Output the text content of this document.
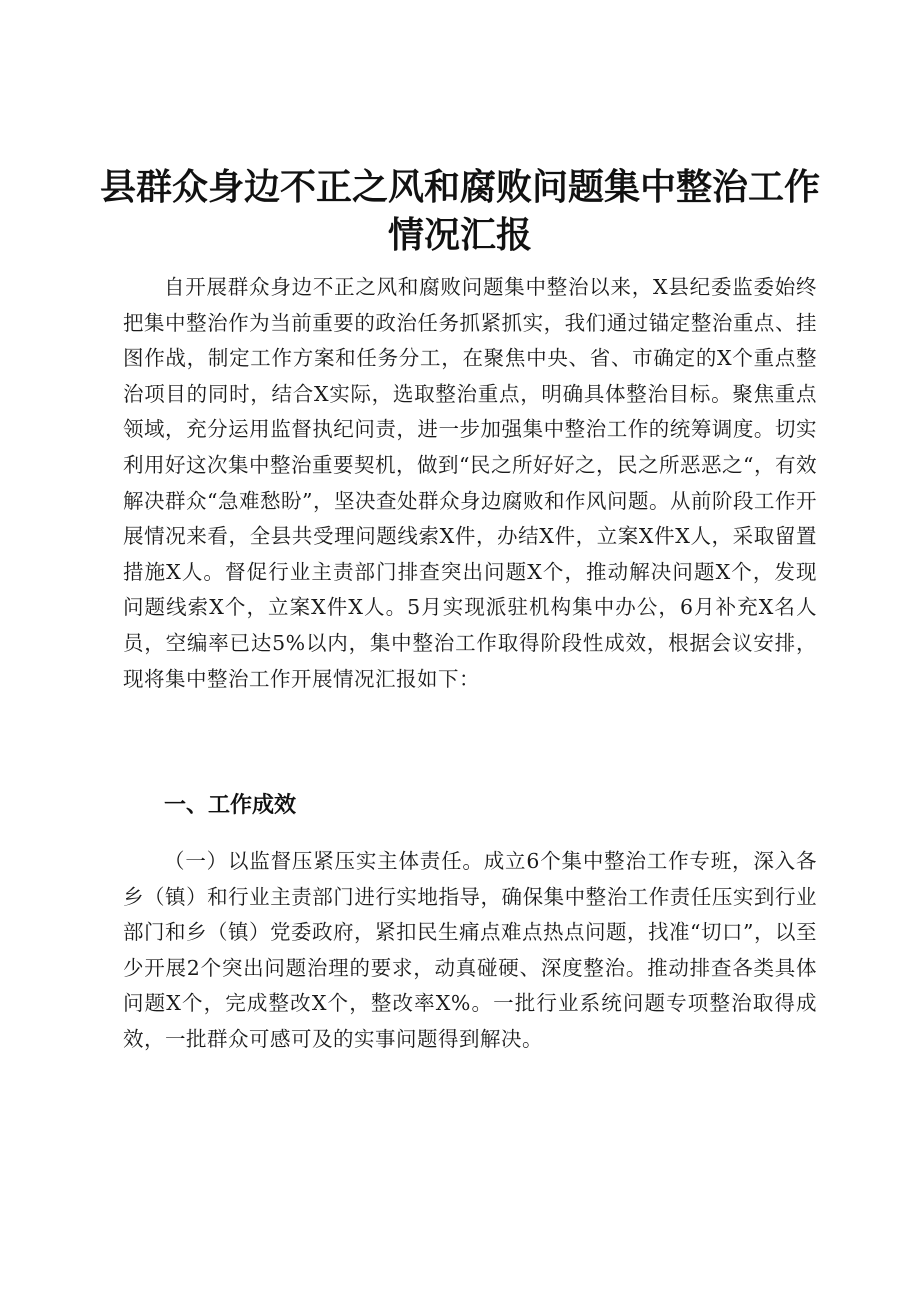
县群众身边不正之风和腐败问题集中整治工作
情况汇报

自开展群众身边不正之风和腐败问题集中整治以来，X县纪委监委始终把集中整治作为当前重要的政治任务抓紧抓实，我们通过锚定整治重点、挂图作战，制定工作方案和任务分工，在聚焦中央、省、市确定的X个重点整治项目的同时，结合X实际，选取整治重点，明确具体整治目标。聚焦重点领域，充分运用监督执纪问责，进一步加强集中整治工作的统筹调度。切实利用好这次集中整治重要契机，做到“民之所好好之，民之所恶恶之“，有效解决群众“急难愁盼”，坚决查处群众身边腐败和作风问题。从前阶段工作开展情况来看，全县共受理问题线索X件，办结X件，立案X件X人，采取留置措施X人。督促行业主责部门排查突出问题X个，推动解决问题X个，发现问题线索X个，立案X件X人。5月实现派驻机构集中办公，6月补充X名人员，空编率已达5%以内，集中整治工作取得阶段性成效，根据会议安排，现将集中整治工作开展情况汇报如下：

一、工作成效

（一）以监督压紧压实主体责任。成立6个集中整治工作专班，深入各乡（镇）和行业主责部门进行实地指导，确保集中整治工作责任压实到行业部门和乡（镇）党委政府，紧扣民生痛点难点热点问题，找准“切口”，以至少开展2个突出问题治理的要求，动真碰硬、深度整治。推动排查各类具体问题X个，完成整改X个，整改率X%。一批行业系统问题专项整治取得成效，一批群众可感可及的实事问题得到解决。
